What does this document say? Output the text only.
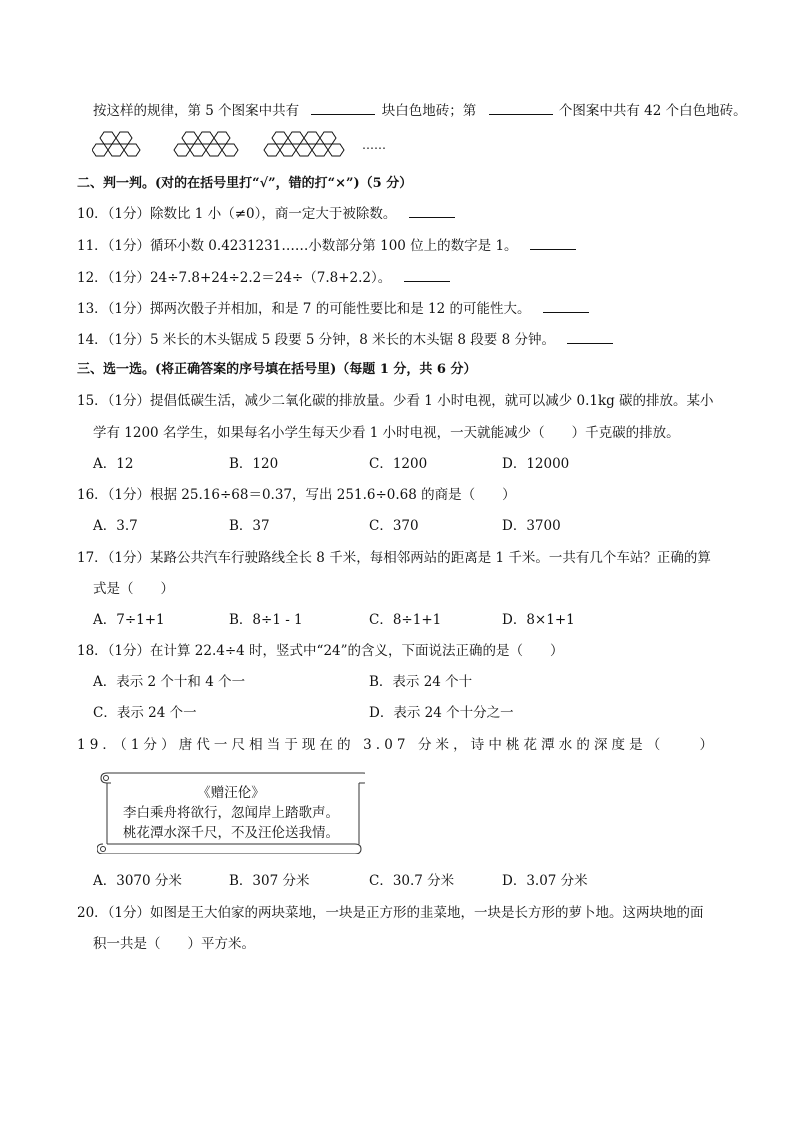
按这样的规律，第 5 个图案中共有	块白色地砖；第	个图案中共有 42 个白色地砖。
……
二、判一判。(对的在括号里打“√”，错的打“×”)（5 分）
10．（1分）除数比 1 小（≠0），商一定大于被除数。
11．（1分）循环小数 0.4231231……小数部分第 100 位上的数字是 1。
12．（1分）24÷7.8+24÷2.2＝24÷（7.8+2.2）。
13．（1分）掷两次骰子并相加，和是 7 的可能性要比和是 12 的可能性大。
14．（1分）5 米长的木头锯成 5 段要 5 分钟，8 米长的木头锯 8 段要 8 分钟。
三、选一选。(将正确答案的序号填在括号里)（每题 1 分，共 6 分）
15．（1分）提倡低碳生活，减少二氧化碳的排放量。少看 1 小时电视，就可以减少 0.1kg 碳的排放。某小
学有 1200 名学生，如果每名小学生每天少看 1 小时电视，一天就能减少（　　）千克碳的排放。
A．12	B．120	C．1200	D．12000
16．（1分）根据 25.16÷68＝0.37，写出 251.6÷0.68 的商是（　　）
A．3.7	B．37	C．370	D．3700
17．（1分）某路公共汽车行驶路线全长 8 千米，每相邻两站的距离是 1 千米。一共有几个车站？正确的算
式是（　　）
A．7÷1+1	B．8÷1 - 1	C．8÷1+1	D．8×1+1
18．（1分）在计算 22.4÷4 时，竖式中“24”的含义，下面说法正确的是（　　）
A．表示 2 个十和 4 个一	B．表示 24 个十
C．表示 24 个一	D．表示 24 个十分之一
19．（1分）唐代一尺相当于现在的 3.07 分米，诗中桃花潭水的深度是（　　）
《赠汪伦》
李白乘舟将欲行，忽闻岸上踏歌声。
桃花潭水深千尺，不及汪伦送我情。
A．3070 分米	B．307 分米	C．30.7 分米	D．3.07 分米
20．（1分）如图是王大伯家的两块菜地，一块是正方形的韭菜地，一块是长方形的萝卜地。这两块地的面
积一共是（　　）平方米。
